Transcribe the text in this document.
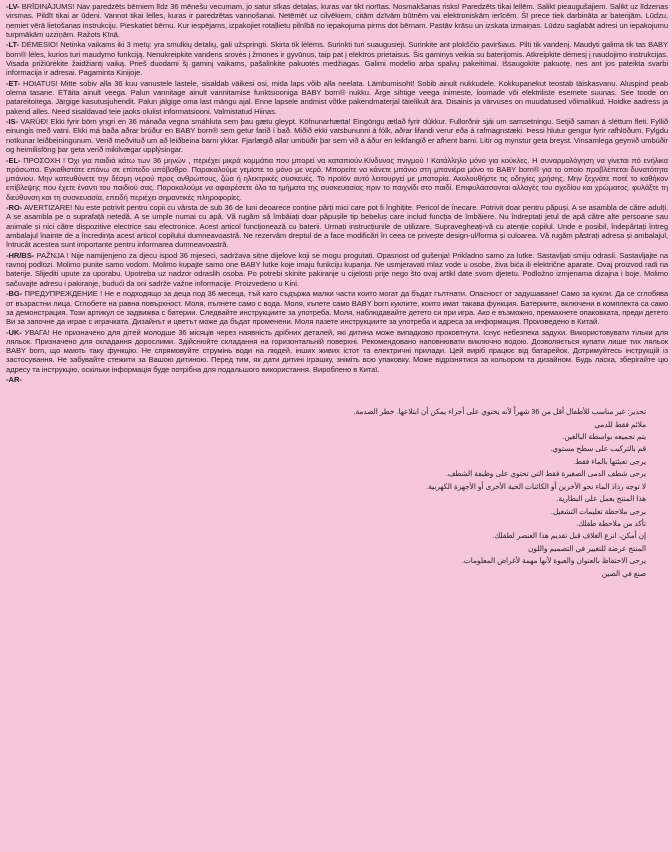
-LV- BRĪDINĀJUMS! Nav paredzēts bērniem līdz 36 mēnešu vecumam, jo satur sīkas detaļas, kuras var tikt norītas. Nosmakšanas risks! Paredzēts tikai lellēm. Salikt pieaugušajiem. Salikt uz līdzenas virsmas. Pildīt tikai ar ūdeni. Vannot tikai lelles, kuras ir paredzētas vannošanai. Netēmēt uz cilvēkiem, citām dzīvām būtnēm vai elektroniskām ierīcēm. Šī prece tiek darbināta ar baterijām. Lūdzu, ņemiet vērā lietošanas instrukciju. Pieskatiet bērnu. Kur iespējams, izpakojiet rotaļlietu pilnībā no iepakojuma pirms dot bērnam. Pastāv krāsu un izskata izmaiņas. Lūdzu saglabāt adresi un iepakojumu turpmākām uzziņām. Ražots Ķīnā.

-LT- DĖMESIO! Netinka vaikams iki 3 metų: yra smulkių detalių, gali užspringti. Skirta tik lėlėms. Surinkti turi suaugusieji. Surinkite ant plokščio paviršiaus. Pilti tik vandenį. Maudyti galima tik tas BABY born® lėles, kurios turi maudymo funkciją. Nenukreipkite vandens srovės į žmones ir gyvūnus, taip pat į elektros prietaisus. Šis gaminys veikia su baterijomis. Atkreipkite dėmesį į naudojimo instrukcijas. Visada prižiūrėkite žaidžiantį vaiką. Prieš duodami šį gaminį vaikams, pašalinkite pakuotės medžiagas. Galimi modelio arba spalvų pakeitimai. Išsaugokite pakuotę, nes ant jos pateikta svarbi informacija ir adresai. Pagaminta Kinijoje.

-ET- HOIATUS! Mitte sobiv alla 36 kuu vanustele lastele, sisaldab väikesi osi, mida laps võib alla neelata. Lämbumisoht! Sobib ainult nukkudele. Kokkupanekut teostab täiskasvanu. Aluspind peab olema tasane. ETäita ainult veega. Palun vannitage ainult vannitamise funktsiooniga BABY born® nukku. Ärge sihtige veega inimeste, loomade või elektriliste esemete suunas. See toode on patareitoitega. Järgige kasutusjuhendit. Palun jälgige oma last mängu ajal. Enne lapsele andmist võtke pakendmaterjal täielikult ära. Disainis ja värvuses on muudatused võimalikud. Hoidke aadress ja pakend alles. Need sisaldavad teie jaoks olulist informatsiooni. Valmistatud Hiinas.

-IS- VARÚÐ! Ekki fyrir börn yngri en 36 mánaða vegna smáhluta sem þau gætu gleypt. Köfnunarhætta! Eingöngu ætlað fyrir dúkkur. Fullorðnir sjái um samsetningu. Setjið saman á sléttum fleti. Fyllið einungis með vatni. Ekki má baða aðrar brúður en BABY born® sem getur farið í bað. Miðið ekki vatsbununni á fólk, aðrar lifandi verur eða á rafmagnstæki. Þessi hlutur gengur fyrir rafhlöðum. Fylgdu notkunar leiðbeiningunum. Verið meðvituð um að leiðbeina barni ykkar. Fjarlægið allar umbúðir þar sem við á áður en leikfangið er afhent barni. Litir og mynstur geta breyst. Vinsamlega geymið umbúðir og heimilisföng þar geta verið mikilvægar upplýsingar.

-EL- ΠΡΟΣΟΧΗ ! Όχι για παιδιά κάτω των 36 μηνών , περιέχει μικρά κομμάτια που μπορεί να καταπιούν.Κίνδυνος πνιγμού ! Κατάλληλο μόνο για κούκλες. Η συναρμολόγηση να γίνεται πό ενήλικα πρόσωπα. Εγκαθιστάτε επάνω σε επίπεδο υπόβαθρο. Παρακαλούμε γεμίστε το μόνο με νερό. Μπορείτε να κάνετε μπάνιο στη μπανιέρα μόνο το BABY born® για το οποίο προβλέπεται δυνατότητα μπάνιου. Μην κατευθύνετε την δέσμη νερού προς ανθρώπους, ζώα ή ηλεκτρικές συσκευές. Το προϊόν αυτό λειτουργεί με μπαταρία. Ακολουθήστε τις οδηγίες χρήσης. Μην ξεχνάτε ποτέ το καθήκον επίβλεψης που έχετε έναντι του παιδιού σας. Παρακαλούμε να αφαιρέσετε όλα τα τμήματα της συσκευασίας πριν το παιχνίδι στο παιδί. Επιφυλάσσονται αλλαγές του σχεδίου και χρώματος. φυλάξτε τη διεύθυνση και τη συσκευασία, επειδή περιέχει σημαντικές πληροφορίες.

-RO- AVERTIZARE! Nu este potrivit pentru copii cu vârsta de sub 36 de luni deoarece conține părți mici care pot fi înghițite. Pericol de înecare. Potrivit doar pentru păpuși. A se asambla de către adulți. A se asambla pe o suprafață netedă. A se umple numai cu apă. Vă rugăm să îmbăiați doar păpușile tip bebeluș care includ funcția de îmbăiere. Nu îndreptați jetul de apă către alte persoane sau animale și nici către dispozitive electrice sau electronice. Acest articol funcționează cu baterii. Urmați instrucțiunile de utilizare. Supravegheați-vă cu atenție copilul. Unde e posibil, îndepărtați întreg ambalajul înainte de a încredința acest articol copilului dumneavoastră. Ne rezervăm dreptul de a face modificări în ceea ce privește design-ul/forma și culoarea. Vă rugăm păstrați adresa și ambalajul, întrucât acestea sunt importante pentru informarea dumneavoastră.

-HR/BS- PAŽNJA ! Nije namijenjeno za djecu ispod 36 mjeseci, sadržava sitne dijelove koji se mogu progutati. Opasnost od gušenja! Prikladno samo za lutke. Sastavljati smiju odrasli. Sastavljajte na ravnoj podlozi. Molimo punite samo vodom. Molimo kupajte samo one BABY lutke koje imaju funkciju kupanja. Ne usmjeravati mlaz vode u osobe, živa bića ili električne aparate. Ovaj proizvod radi na baterije. Slijediti upute za uporabu. Upotreba uz nadzor odraslih osoba. Po potrebi skinite pakiranje u cijelosti prije nego što ovaj artikl date svom djetetu. Podložno izmjenama dizajna i boje. Molimo sačuvajte adresu i pakiranje, budući da oni sadrže važne informacije. Proizvedeno u Kini.

-BG- ПРЕДУПРЕЖДЕНИЕ ! Не е подходящо за деца под 36 месеца, тъй като съдържа малки части които могат да бъдат гълтнати. Опасност от задушаване! Само за кукли. Да се сглобява от възрастни лица. Сглобете на равна повърхност. Моля, пълнете само с вода. Моля, къпете само BABY born куклите, които имат такава функция. Батериите, включени в комплекта са само за демонстрация. Този артикул се задвижва с батерии. Следвайте инструкциите за употреба. Моля, наблюдавайте детето си при игра. Ако е възможно, премахнете опаковката, преди детето Ви за започне да играе с играчката. Дизайнът и цветът може да бъдат променени. Моля пазете инструкциите за употреба и адреса за информация. Произведено в Китай.

-UK- УВАГА! Не призначено для дітей молодше 36 місяців через наявність дрібних деталей, які дитина може випадково проковтнути. Існує небезпека задухи. Використовувати тільки для ляльок. Призначено для складання дорослими. Здійснюйте складання на горизонтальній поверхні. Рекомендовано наповнювати виключно водою. Дозволяється купати лише тих ляльок BABY born, що мають таку функцію. Не спрямовуйте струмінь води на людей, інших живих істот та електричні прилади. Цей виріб працює від батарейок. Дотримуйтесь інструкцій із застосування. Не забувайте стежити за Вашою дитиною. Перед тим, як дати дитині іграшку, зніміть всю упаковку. Може відрізнятися за кольором та дизайном. Будь ласка, зберігайте цю адресу та інструкцію, оскільки інформація буде потрібна для подальшого використання. Вироблено в Китаї.

-AR-
تحذير: غير مناسب للأطفال أقل من 36 شهراً لأنه يحتوي على أجزاء يمكن أن ابتلاعها. خطر الصدمة.
ملائم فقط للدمي
يتم تجميعه بواسطة البالغين.
قم بالتركيب على سطح مستوي.
يرجى تعبئتها بالماء فقط.
يرجى شطف الدمى الصغيرة فقط التي تحتوي على وظيفة الشطف.
لا توجه رذاذ الماء نحو الأخرين أو الكائنات الحية الأخرى أو الأجهزة الكهربية.
هذا المنتج يعمل على البطارية.
يرجى ملاحظة تعليمات التشغيل.
تأكد من ملاحظة طفلك.
إن أمكن، انزع الغلاف قبل تقديم هذا العنصر لطفلك.
المنتج عرضة للتغيير في التصميم واللون
يرجى الاحتفاظ بالعنوان والعبوة لأنها مهمة لأغراض المعلومات.
صنع في الصين
